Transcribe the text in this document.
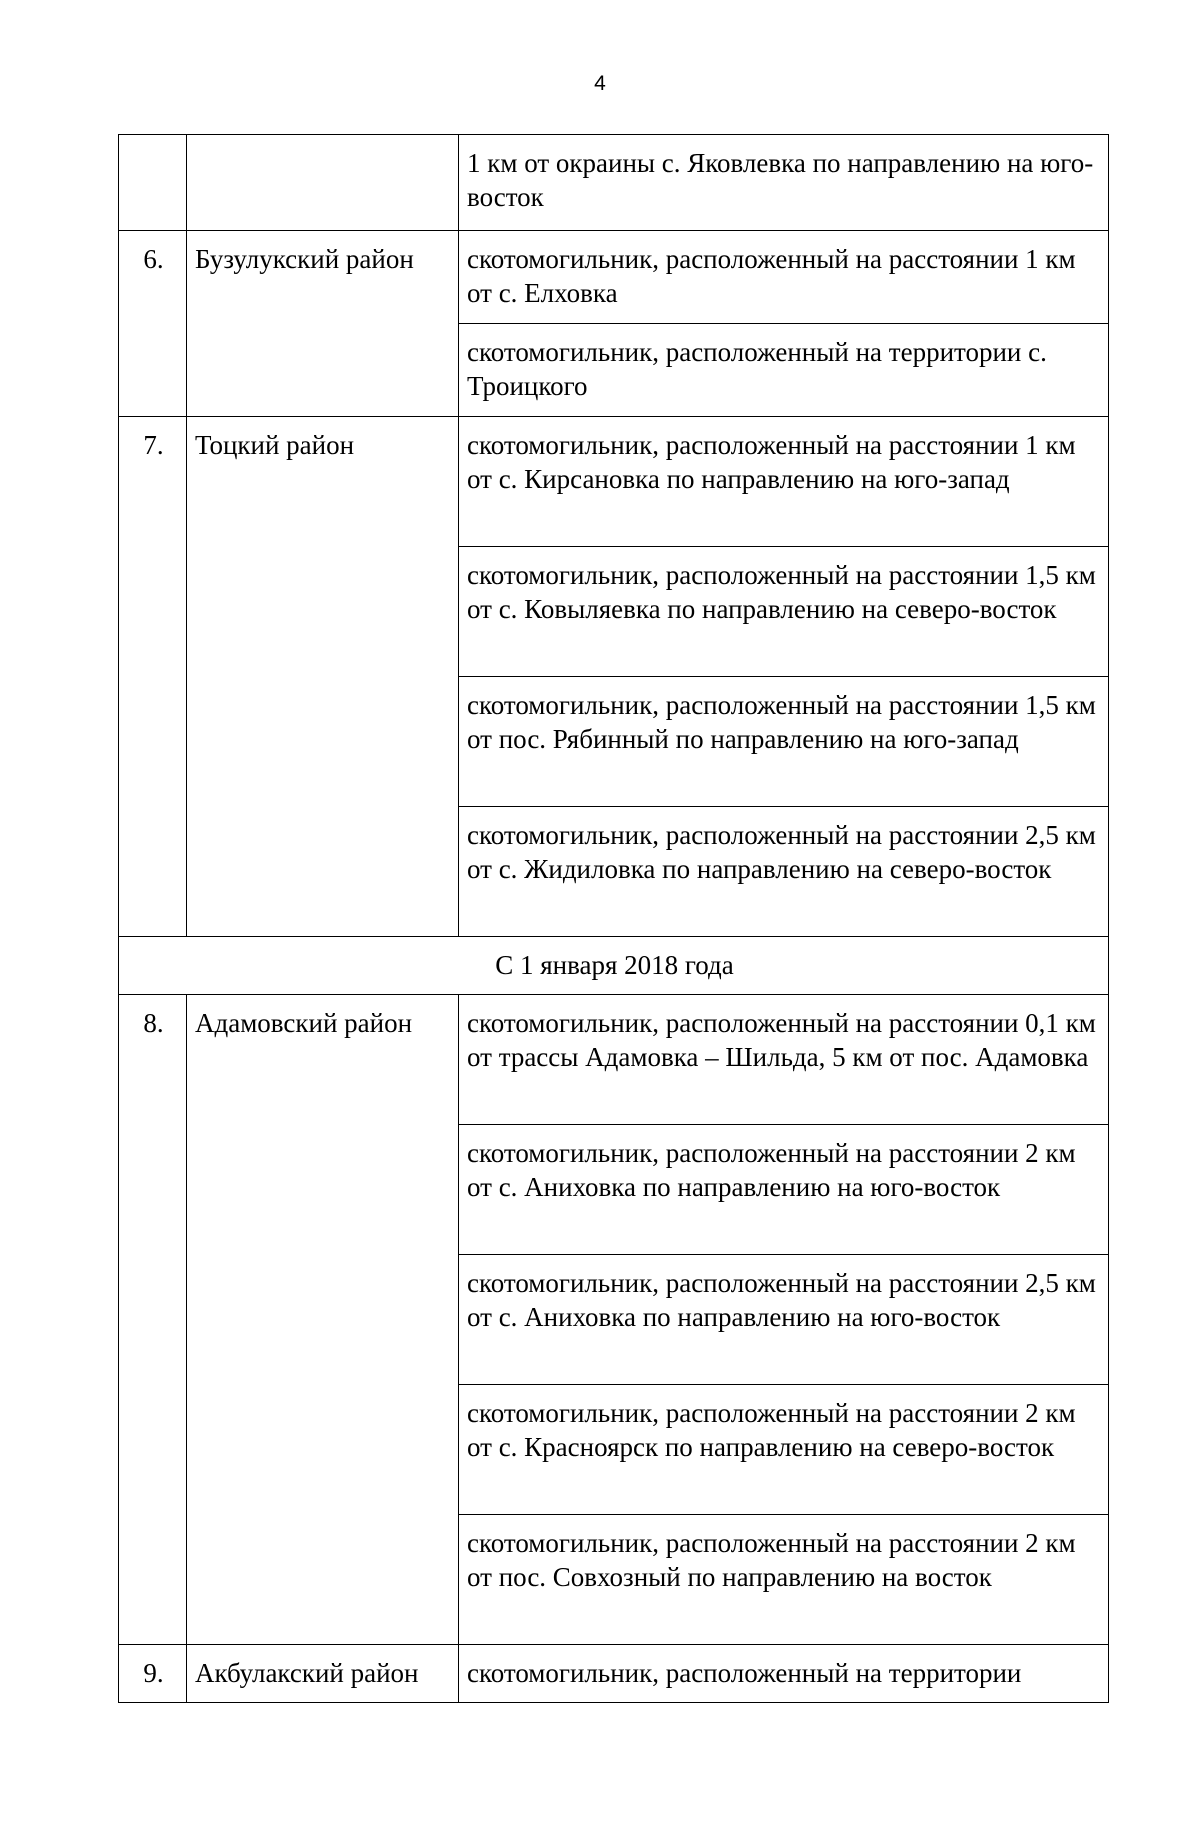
4
		1 км от окраины с. Яковлевка по направлению на юго-восток
6.	Бузулукский район	скотомогильник, расположенный на расстоянии 1 км от с. Елховка
		скотомогильник, расположенный на территории с. Троицкого
7.	Тоцкий район	скотомогильник, расположенный на расстоянии 1 км от с. Кирсановка по направлению на юго-запад
		скотомогильник, расположенный на расстоянии 1,5 км от с. Ковыляевка по направлению на северо-восток
		скотомогильник, расположенный на расстоянии 1,5 км от пос. Рябинный по направлению на юго-запад
		скотомогильник, расположенный на расстоянии 2,5 км от с. Жидиловка по направлению на северо-восток
С 1 января 2018 года		
8.	Адамовский район	скотомогильник, расположенный на расстоянии 0,1 км от трассы Адамовка – Шильда, 5 км от пос. Адамовка
		скотомогильник, расположенный на расстоянии 2 км от с. Аниховка по направлению на юго-восток
		скотомогильник, расположенный на расстоянии 2,5 км от с. Аниховка по направлению на юго-восток
		скотомогильник, расположенный на расстоянии 2 км от с. Красноярск по направлению на северо-восток
		скотомогильник, расположенный на расстоянии 2 км от пос. Совхозный по направлению на восток
9.	Акбулакский район	скотомогильник, расположенный на территории
